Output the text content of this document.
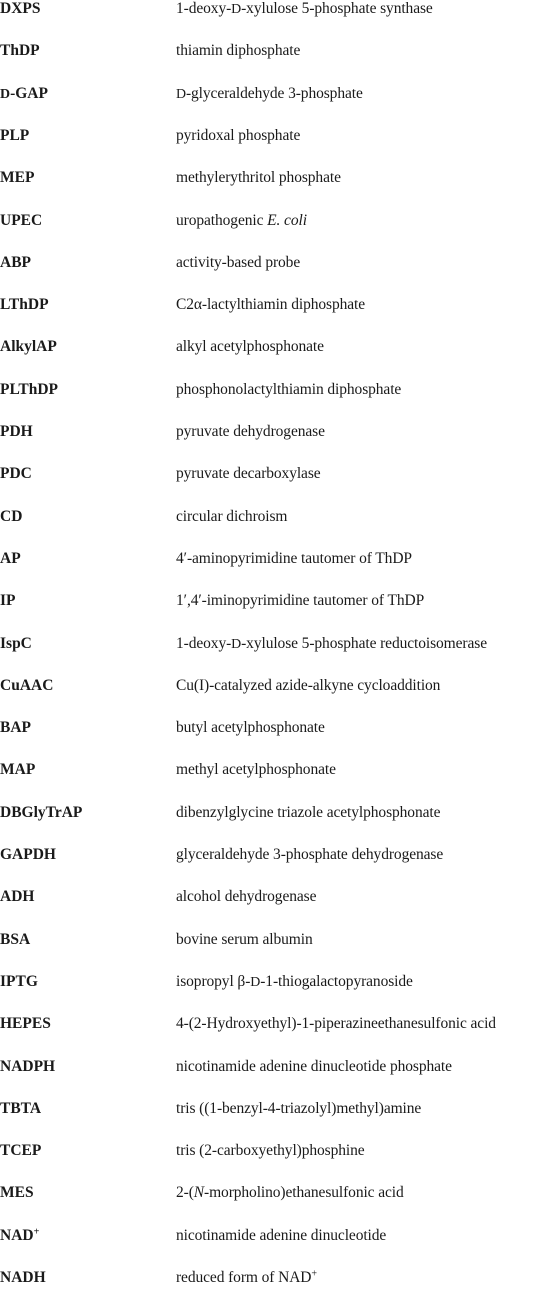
DXPS	1-deoxy-D-xylulose 5-phosphate synthase
ThDP	thiamin diphosphate
D-GAP	D-glyceraldehyde 3-phosphate
PLP	pyridoxal phosphate
MEP	methylerythritol phosphate
UPEC	uropathogenic E. coli
ABP	activity-based probe
LThDP	C2α-lactylthiamin diphosphate
AlkylAP	alkyl acetylphosphonate
PLThDP	phosphonolactylthiamin diphosphate
PDH	pyruvate dehydrogenase
PDC	pyruvate decarboxylase
CD	circular dichroism
AP	4′-aminopyrimidine tautomer of ThDP
IP	1′,4′-iminopyrimidine tautomer of ThDP
IspC	1-deoxy-D-xylulose 5-phosphate reductoisomerase
CuAAC	Cu(I)-catalyzed azide-alkyne cycloaddition
BAP	butyl acetylphosphonate
MAP	methyl acetylphosphonate
DBGlyTrAP	dibenzylglycine triazole acetylphosphonate
GAPDH	glyceraldehyde 3-phosphate dehydrogenase
ADH	alcohol dehydrogenase
BSA	bovine serum albumin
IPTG	isopropyl β-D-1-thiogalactopyranoside
HEPES	4-(2-Hydroxyethyl)-1-piperazineethanesulfonic acid
NADPH	nicotinamide adenine dinucleotide phosphate
TBTA	tris ((1-benzyl-4-triazolyl)methyl)amine
TCEP	tris (2-carboxyethyl)phosphine
MES	2-(N-morpholino)ethanesulfonic acid
NAD+	nicotinamide adenine dinucleotide
NADH	reduced form of NAD+
